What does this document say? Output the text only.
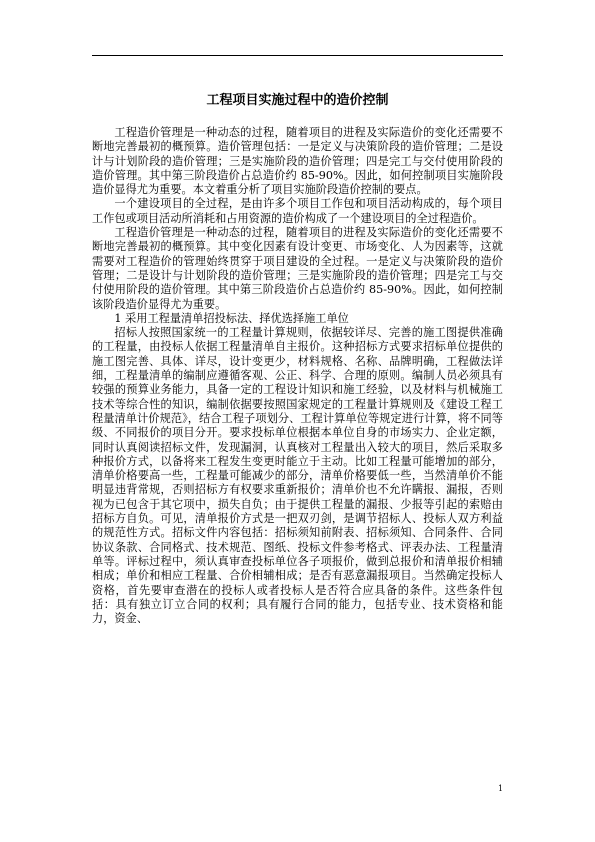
工程项目实施过程中的造价控制

工程造价管理是一种动态的过程，随着项目的进程及实际造价的变化还需要不断地完善最初的概预算。造价管理包括：一是定义与决策阶段的造价管理；二是设计与计划阶段的造价管理；三是实施阶段的造价管理；四是完工与交付使用阶段的造价管理。其中第三阶段造价占总造价约 85-90%。因此，如何控制项目实施阶段造价显得尤为重要。本文着重分析了项目实施阶段造价控制的要点。

一个建设项目的全过程，是由许多个项目工作包和项目活动构成的，每个项目工作包或项目活动所消耗和占用资源的造价构成了一个建设项目的全过程造价。

工程造价管理是一种动态的过程，随着项目的进程及实际造价的变化还需要不断地完善最初的概预算。其中变化因素有设计变更、市场变化、人为因素等，这就需要对工程造价的管理始终贯穿于项目建设的全过程。一是定义与决策阶段的造价管理；二是设计与计划阶段的造价管理；三是实施阶段的造价管理；四是完工与交付使用阶段的造价管理。其中第三阶段造价占总造价约 85-90%。因此，如何控制该阶段造价显得尤为重要。

1 采用工程量清单招投标法、择优选择施工单位

招标人按照国家统一的工程量计算规则，依据较详尽、完善的施工图提供准确的工程量，由投标人依据工程量清单自主报价。这种招标方式要求招标单位提供的施工图完善、具体、详尽，设计变更少，材料规格、名称、品牌明确，工程做法详细，工程量清单的编制应遵循客观、公正、科学、合理的原则。编制人员必须具有较强的预算业务能力，具备一定的工程设计知识和施工经验，以及材料与机械施工技术等综合性的知识，编制依据要按照国家规定的工程量计算规则及《建设工程工程量清单计价规范》，结合工程子项划分、工程计算单位等规定进行计算，将不同等级、不同报价的项目分开。要求投标单位根据本单位自身的市场实力、企业定额，同时认真阅读招标文件，发现漏洞，认真核对工程量出入较大的项目，然后采取多种报价方式，以备将来工程发生变更时能立于主动。比如工程量可能增加的部分，清单价格要高一些，工程量可能减少的部分，清单价格要低一些，当然清单价不能明显违背常规，否则招标方有权要求重新报价；清单价也不允许瞒报、漏报，否则视为已包含于其它项中，损失自负；由于提供工程量的漏报、少报等引起的索赔由招标方自负。可见，清单报价方式是一把双刃剑，是调节招标人、投标人双方利益的规范性方式。招标文件内容包括：招标须知前附表、招标须知、合同条件、合同协议条款、合同格式、技术规范、图纸、投标文件参考格式、评表办法、工程量清单等。评标过程中，须认真审查投标单位各子项报价，做到总报价和清单报价相辅相成；单价和相应工程量、合价相辅相成；是否有恶意漏报项目。当然确定投标人资格，首先要审查潜在的投标人或者投标人是否符合应具备的条件。这些条件包括：具有独立订立合同的权利；具有履行合同的能力，包括专业、技术资格和能力，资金、

1
